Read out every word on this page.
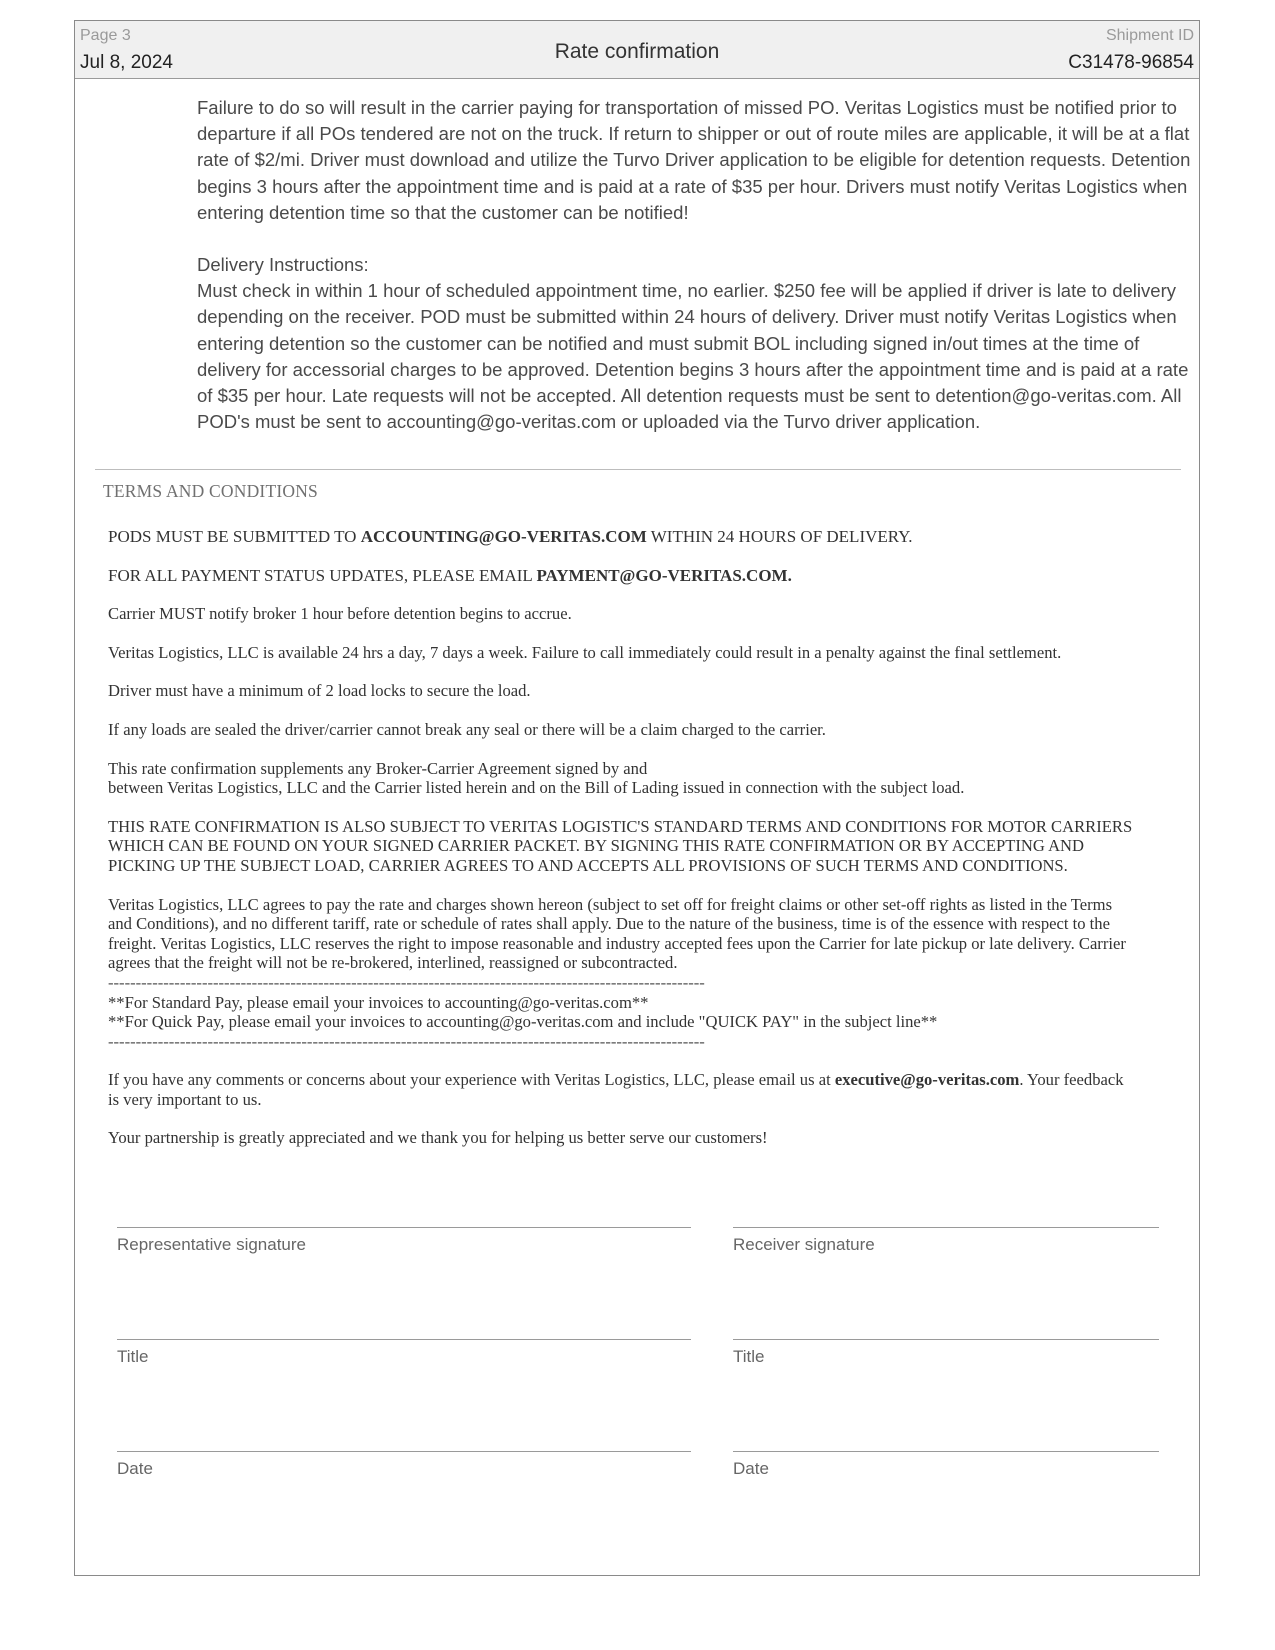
Page 3
Jul 8, 2024	Rate confirmation
Shipment ID
C31478-96854

Failure to do so will result in the carrier paying for transportation of missed PO. Veritas Logistics must be notified prior to departure if all POs tendered are not on the truck. If return to shipper or out of route miles are applicable, it will be at a flat rate of $2/mi. Driver must download and utilize the Turvo Driver application to be eligible for detention requests. Detention begins 3 hours after the appointment time and is paid at a rate of $35 per hour. Drivers must notify Veritas Logistics when entering detention time so that the customer can be notified!

Delivery Instructions:

Must check in within 1 hour of scheduled appointment time, no earlier. $250 fee will be applied if driver is late to delivery depending on the receiver. POD must be submitted within 24 hours of delivery. Driver must notify Veritas Logistics when entering detention so the customer can be notified and must submit BOL including signed in/out times at the time of delivery for accessorial charges to be approved. Detention begins 3 hours after the appointment time and is paid at a rate of $35 per hour. Late requests will not be accepted. All detention requests must be sent to detention@go-veritas.com. All POD's must be sent to accounting@go-veritas.com or uploaded via the Turvo driver application.

TERMS AND CONDITIONS

PODS MUST BE SUBMITTED TO ACCOUNTING@GO-VERITAS.COM WITHIN 24 HOURS OF DELIVERY.

FOR ALL PAYMENT STATUS UPDATES, PLEASE EMAIL PAYMENT@GO-VERITAS.COM.

Carrier MUST notify broker 1 hour before detention begins to accrue.

Veritas Logistics, LLC is available 24 hrs a day, 7 days a week. Failure to call immediately could result in a penalty against the final settlement.

Driver must have a minimum of 2 load locks to secure the load.

If any loads are sealed the driver/carrier cannot break any seal or there will be a claim charged to the carrier.

This rate confirmation supplements any Broker-Carrier Agreement signed by and
between Veritas Logistics, LLC and the Carrier listed herein and on the Bill of Lading issued in connection with the subject load.

THIS RATE CONFIRMATION IS ALSO SUBJECT TO VERITAS LOGISTIC'S STANDARD TERMS AND CONDITIONS FOR MOTOR CARRIERS WHICH CAN BE FOUND ON YOUR SIGNED CARRIER PACKET. BY SIGNING THIS RATE CONFIRMATION OR BY ACCEPTING AND PICKING UP THE SUBJECT LOAD, CARRIER AGREES TO AND ACCEPTS ALL PROVISIONS OF SUCH TERMS AND CONDITIONS.

Veritas Logistics, LLC agrees to pay the rate and charges shown hereon (subject to set off for freight claims or other set-off rights as listed in the Terms and Conditions), and no different tariff, rate or schedule of rates shall apply. Due to the nature of the business, time is of the essence with respect to the freight. Veritas Logistics, LLC reserves the right to impose reasonable and industry accepted fees upon the Carrier for late pickup or late delivery. Carrier agrees that the freight will not be re-brokered, interlined, reassigned or subcontracted.

------------------------------------------------------------------------------------------------------------
**For Standard Pay, please email your invoices to accounting@go-veritas.com**
**For Quick Pay, please email your invoices to accounting@go-veritas.com and include "QUICK PAY" in the subject line**
------------------------------------------------------------------------------------------------------------

If you have any comments or concerns about your experience with Veritas Logistics, LLC, please email us at executive@go-veritas.com. Your feedback is very important to us.

Your partnership is greatly appreciated and we thank you for helping us better serve our customers!

Representative signature	Receiver signature
Title	Title
Date	Date
